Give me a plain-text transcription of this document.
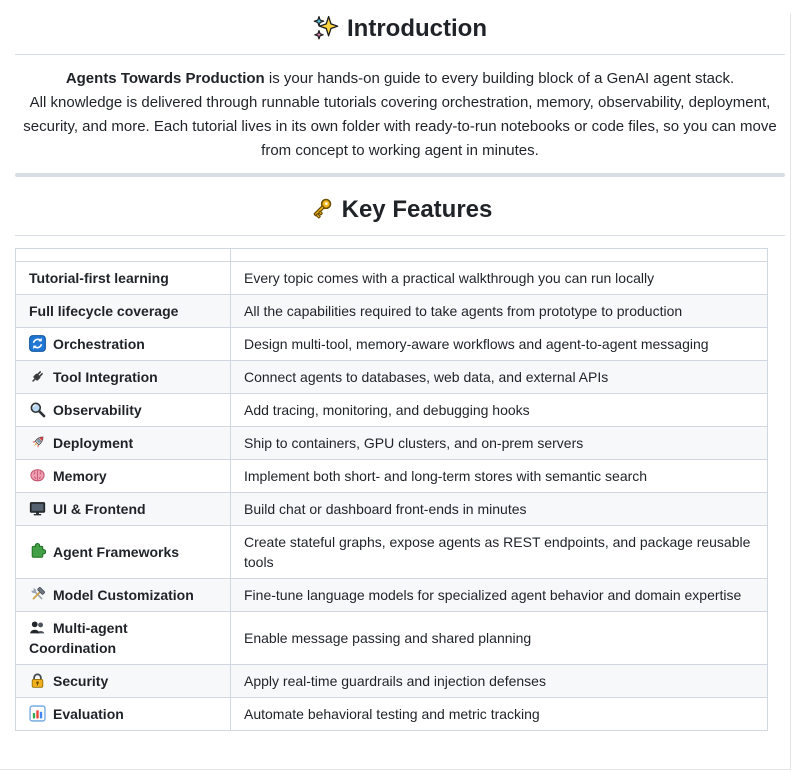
Introduction

Agents Towards Production is your hands-on guide to every building block of a GenAI agent stack.
All knowledge is delivered through runnable tutorials covering orchestration, memory, observability, deployment, security, and more. Each tutorial lives in its own folder with ready-to-run notebooks or code files, so you can move from concept to working agent in minutes.

Key Features

Tutorial-first learning	Every topic comes with a practical walkthrough you can run locally
Full lifecycle coverage	All the capabilities required to take agents from prototype to production

Orchestration	Design multi-tool, memory-aware workflows and agent-to-agent messaging

Tool Integration	Connect agents to databases, web data, and external APIs

Observability	Add tracing, monitoring, and debugging hooks

Deployment	Ship to containers, GPU clusters, and on-prem servers

Memory	Implement both short- and long-term stores with semantic search

UI & Frontend	Build chat or dashboard front-ends in minutes

Agent Frameworks	Create stateful graphs, expose agents as REST endpoints, and package reusable tools

Model Customization	Fine-tune language models for specialized agent behavior and domain expertise

Multi-agent Coordination	Enable message passing and shared planning

Security	Apply real-time guardrails and injection defenses

Evaluation	Automate behavioral testing and metric tracking
